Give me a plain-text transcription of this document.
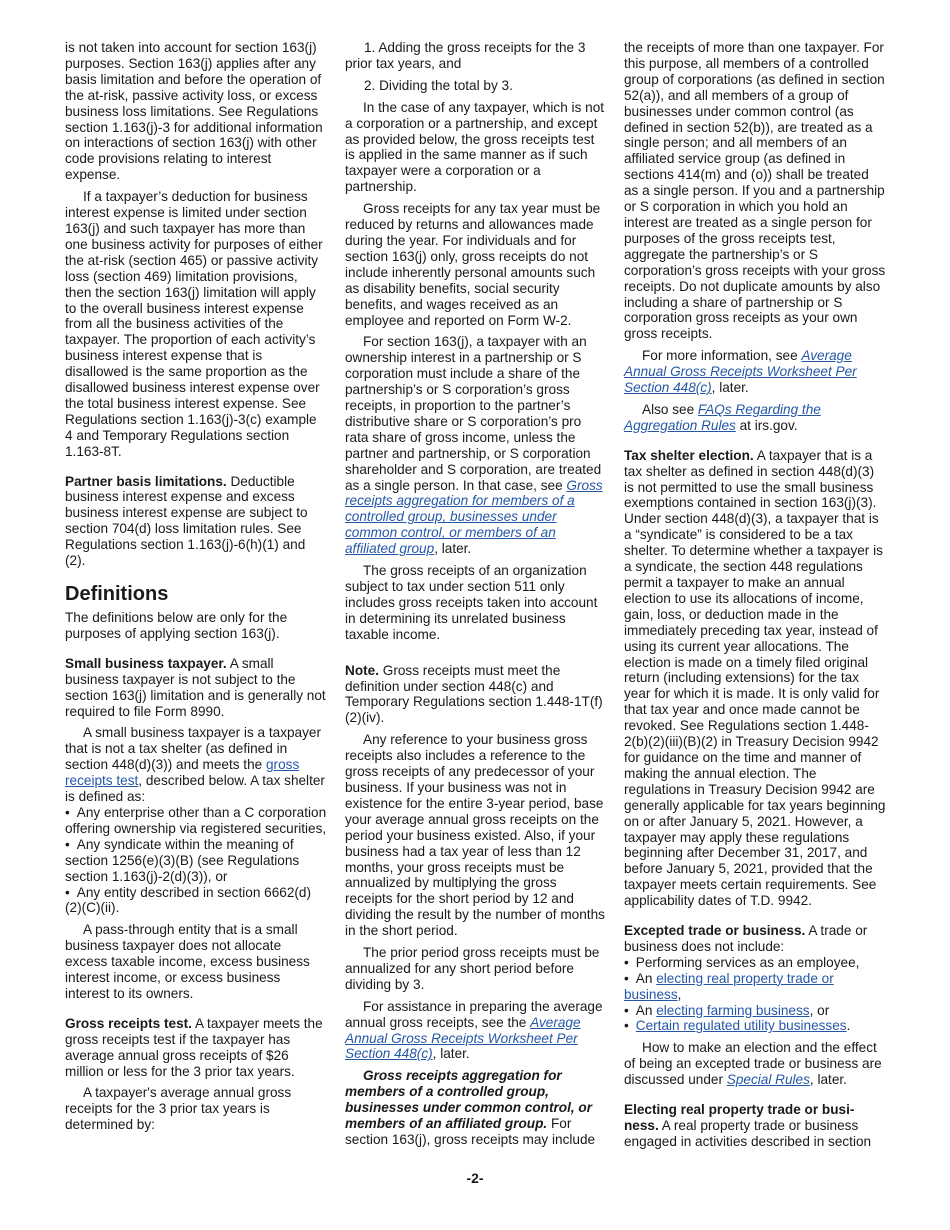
is not taken into account for section 163(j) purposes. Section 163(j) applies after any basis limitation and before the operation of the at-risk, passive activity loss, or excess business loss limitations. See Regulations section 1.163(j)-3 for additional information on interactions of section 163(j) with other code provisions relating to interest expense.

If a taxpayer’s deduction for business interest expense is limited under section 163(j) and such taxpayer has more than one business activity for purposes of either the at-risk (section 465) or passive activity loss (section 469) limitation provisions, then the section 163(j) limitation will apply to the overall business interest expense from all the business activities of the taxpayer. The proportion of each activity’s business interest expense that is disallowed is the same proportion as the disallowed business interest expense over the total business interest expense. See Regulations section 1.163(j)-3(c) example 4 and Temporary Regulations section 1.163-8T.

Partner basis limitations. Deductible business interest expense and excess business interest expense are subject to section 704(d) loss limitation rules. See Regulations section 1.163(j)-6(h)(1) and (2).

Definitions

The definitions below are only for the purposes of applying section 163(j).

Small business taxpayer. A small business taxpayer is not subject to the section 163(j) limitation and is generally not required to file Form 8990.

A small business taxpayer is a taxpayer that is not a tax shelter (as defined in section 448(d)(3)) and meets the gross receipts test, described below. A tax shelter is defined as:

• Any enterprise other than a C corporation offering ownership via registered securities,
• Any syndicate within the meaning of section 1256(e)(3)(B) (see Regulations section 1.163(j)-2(d)(3)), or
• Any entity described in section 6662(d)(2)(C)(ii).

A pass-through entity that is a small business taxpayer does not allocate excess taxable income, excess business interest income, or excess business interest to its owners.

Gross receipts test. A taxpayer meets the gross receipts test if the taxpayer has average annual gross receipts of $26 million or less for the 3 prior tax years.

A taxpayer's average annual gross receipts for the 3 prior tax years is determined by:

1. Adding the gross receipts for the 3 prior tax years, and

2. Dividing the total by 3.

In the case of any taxpayer, which is not a corporation or a partnership, and except as provided below, the gross receipts test is applied in the same manner as if such taxpayer were a corporation or a partnership.

Gross receipts for any tax year must be reduced by returns and allowances made during the year. For individuals and for section 163(j) only, gross receipts do not include inherently personal amounts such as disability benefits, social security benefits, and wages received as an employee and reported on Form W-2.

For section 163(j), a taxpayer with an ownership interest in a partnership or S corporation must include a share of the partnership’s or S corporation’s gross receipts, in proportion to the partner’s distributive share or S corporation’s pro rata share of gross income, unless the partner and partnership, or S corporation shareholder and S corporation, are treated as a single person. In that case, see Gross receipts aggregation for members of a controlled group, businesses under common control, or members of an affiliated group, later.

The gross receipts of an organization subject to tax under section 511 only includes gross receipts taken into account in determining its unrelated business taxable income.

Note. Gross receipts must meet the definition under section 448(c) and Temporary Regulations section 1.448-1T(f)(2)(iv).

Any reference to your business gross receipts also includes a reference to the gross receipts of any predecessor of your business. If your business was not in existence for the entire 3-year period, base your average annual gross receipts on the period your business existed. Also, if your business had a tax year of less than 12 months, your gross receipts must be annualized by multiplying the gross receipts for the short period by 12 and dividing the result by the number of months in the short period.

The prior period gross receipts must be annualized for any short period before dividing by 3.

For assistance in preparing the average annual gross receipts, see the Average Annual Gross Receipts Worksheet Per Section 448(c), later.

Gross receipts aggregation for members of a controlled group, businesses under common control, or members of an affiliated group. For section 163(j), gross receipts may include

the receipts of more than one taxpayer. For this purpose, all members of a controlled group of corporations (as defined in section 52(a)), and all members of a group of businesses under common control (as defined in section 52(b)), are treated as a single person; and all members of an affiliated service group (as defined in sections 414(m) and (o)) shall be treated as a single person. If you and a partnership or S corporation in which you hold an interest are treated as a single person for purposes of the gross receipts test, aggregate the partnership’s or S corporation’s gross receipts with your gross receipts. Do not duplicate amounts by also including a share of partnership or S corporation gross receipts as your own gross receipts.

For more information, see Average Annual Gross Receipts Worksheet Per Section 448(c), later.

Also see FAQs Regarding the Aggregation Rules at irs.gov.

Tax shelter election. A taxpayer that is a tax shelter as defined in section 448(d)(3) is not permitted to use the small business exemptions contained in section 163(j)(3). Under section 448(d)(3), a taxpayer that is a “syndicate” is considered to be a tax shelter. To determine whether a taxpayer is a syndicate, the section 448 regulations permit a taxpayer to make an annual election to use its allocations of income, gain, loss, or deduction made in the immediately preceding tax year, instead of using its current year allocations. The election is made on a timely filed original return (including extensions) for the tax year for which it is made. It is only valid for that tax year and once made cannot be revoked. See Regulations section 1.448-2(b)(2)(iii)(B)(2) in Treasury Decision 9942 for guidance on the time and manner of making the annual election. The regulations in Treasury Decision 9942 are generally applicable for tax years beginning on or after January 5, 2021. However, a taxpayer may apply these regulations beginning after December 31, 2017, and before January 5, 2021, provided that the taxpayer meets certain requirements. See applicability dates of T.D. 9942.

Excepted trade or business. A trade or business does not include:

• Performing services as an employee,
• An electing real property trade or business,
• An electing farming business, or
• Certain regulated utility businesses.

How to make an election and the effect of being an excepted trade or business are discussed under Special Rules, later.

Electing real property trade or busi-ness. A real property trade or business engaged in activities described in section

-2-
